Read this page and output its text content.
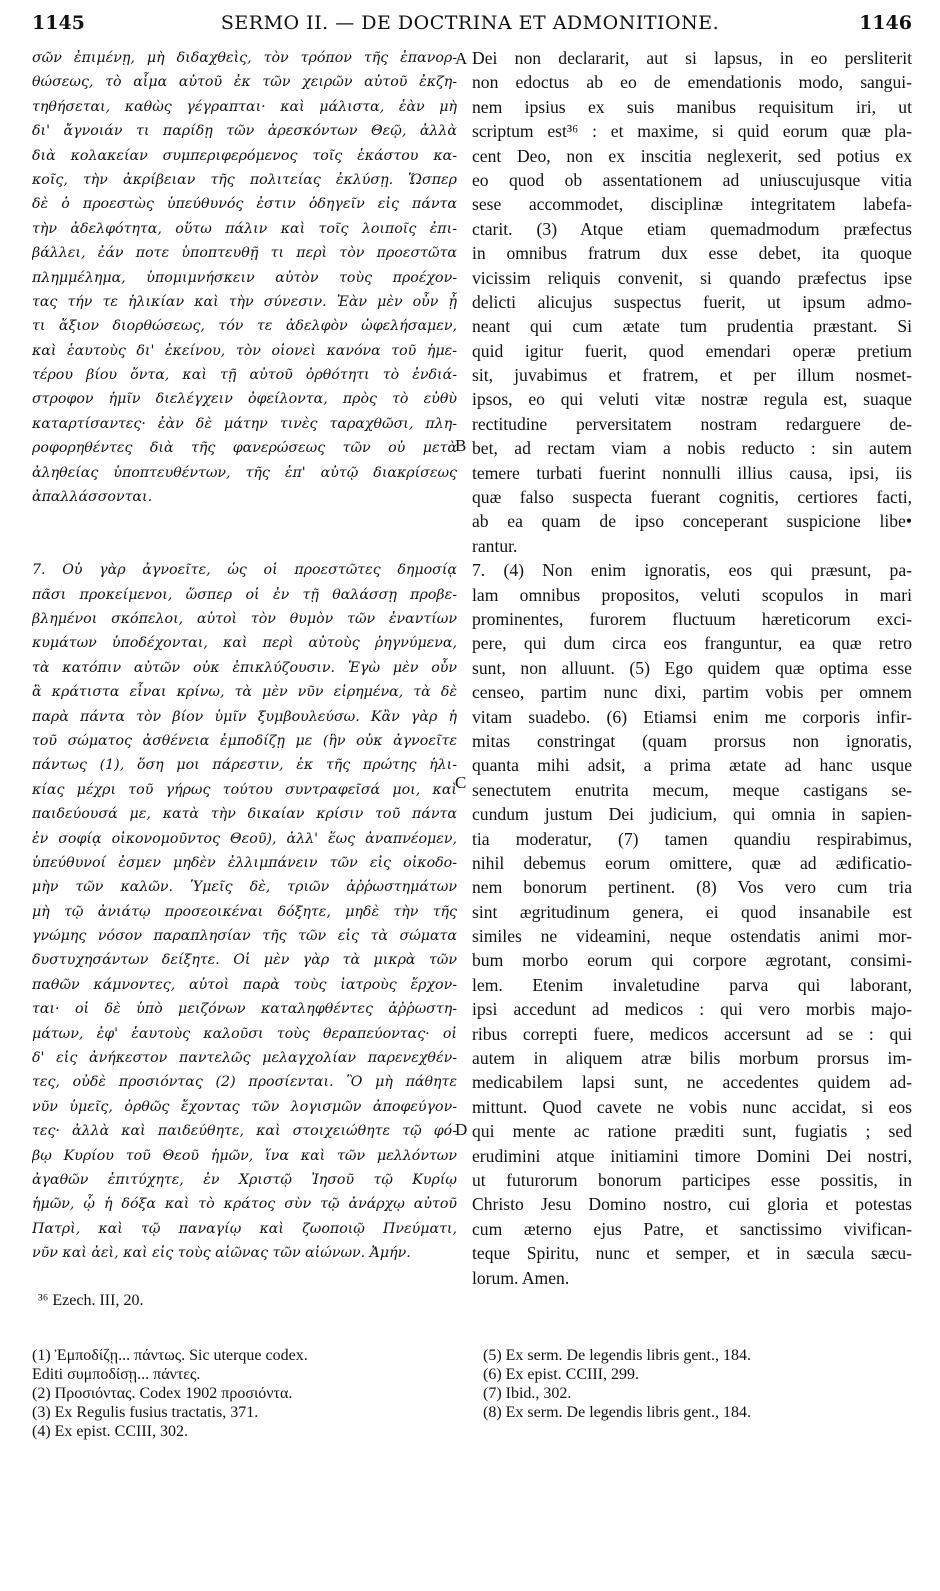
1145	SERMO II. — DE DOCTRINA ET ADMONITIONE.	1146
σῶν ἐπιμένῃ, μὴ διδαχθεὶς, τὸν τρόπον τῆς ἐπανορ-
θώσεως, τὸ αἷμα αὐτοῦ ἐκ τῶν χειρῶν αὐτοῦ ἐκζη-
τηθήσεται, καθὼς γέγραπται· καὶ μάλιστα, ἐὰν μὴ
δι' ἄγνοιάν τι παρίδῃ τῶν ἀρεσκόντων Θεῷ, ἀλλὰ
διὰ κολακείαν συμπεριφερόμενος τοῖς ἑκάστου κα-
κοῖς, τὴν ἀκρίβειαν τῆς πολιτείας ἐκλύσῃ. Ὥσπερ
δὲ ὁ προεστὼς ὑπεύθυνός ἐστιν ὁδηγεῖν εἰς πάντα
τὴν ἀδελφότητα, οὕτω πάλιν καὶ τοῖς λοιποῖς ἐπι-
βάλλει, ἐάν ποτε ὑποπτευθῇ τι περὶ τὸν προεστῶτα
πλημμέλημα, ὑπομιμνήσκειν αὐτὸν τοὺς προέχον-
τας τήν τε ἡλικίαν καὶ τὴν σύνεσιν. Ἐὰν μὲν οὖν ᾖ
τι ἄξιον διορθώσεως, τόν τε ἀδελφὸν ὠφελήσαμεν,
καὶ ἑαυτοὺς δι' ἐκείνου, τὸν οἱονεὶ κανόνα τοῦ ἡμε-
τέρου βίου ὄντα, καὶ τῇ αὐτοῦ ὀρθότητι τὸ ἐνδιά-
στροφον ἡμῖν διελέγχειν ὀφείλοντα, πρὸς τὸ εὐθὺ
καταρτίσαντες· ἐὰν δὲ μάτην τινὲς ταραχθῶσι, πλη-
ροφορηθέντες διὰ τῆς φανερώσεως τῶν οὐ μετὰ
ἀληθείας ὑποπτευθέντων, τῆς ἐπ' αὐτῷ διακρίσεως
ἀπαλλάσσονται.
7. Οὐ γὰρ ἀγνοεῖτε, ὡς οἱ προεστῶτες δημοσίᾳ
πᾶσι προκείμενοι, ὥσπερ οἱ ἐν τῇ θαλάσσῃ προβε-
βλημένοι σκόπελοι, αὐτοὶ τὸν θυμὸν τῶν ἐναντίων
κυμάτων ὑποδέχονται, καὶ περὶ αὐτοὺς ῥηγνύμενα,
τὰ κατόπιν αὐτῶν οὐκ ἐπικλύζουσιν. Ἐγὼ μὲν οὖν
ἃ κράτιστα εἶναι κρίνω, τὰ μὲν νῦν εἰρημένα, τὰ δὲ
παρὰ πάντα τὸν βίον ὑμῖν ξυμβουλεύσω. Κἂν γὰρ ἡ
τοῦ σώματος ἀσθένεια ἐμποδίζῃ με (ἣν οὐκ ἀγνοεῖτε
πάντως (1), ὅση μοι πάρεστιν, ἐκ τῆς πρώτης ἡλι-
κίας μέχρι τοῦ γήρως τούτου συντραφεῖσά μοι, καὶ
παιδεύουσά με, κατὰ τὴν δικαίαν κρίσιν τοῦ πάντα
ἐν σοφίᾳ οἰκονομοῦντος Θεοῦ), ἀλλ' ἕως ἀναπνέομεν,
ὑπεύθυνοί ἐσμεν μηδὲν ἐλλιμπάνειν τῶν εἰς οἰκοδο-
μὴν τῶν καλῶν. Ὑμεῖς δὲ, τριῶν ἀῤῥωστημάτων
μὴ τῷ ἀνιάτῳ προσεοικέναι δόξητε, μηδὲ τὴν τῆς
γνώμης νόσον παραπλησίαν τῆς τῶν εἰς τὰ σώματα
δυστυχησάντων δείξητε. Οἱ μὲν γὰρ τὰ μικρὰ τῶν
παθῶν κάμνοντες, αὐτοὶ παρὰ τοὺς ἰατροὺς ἔρχον-
ται· οἱ δὲ ὑπὸ μειζόνων καταληφθέντες ἀῤῥωστη-
μάτων, ἐφ' ἑαυτοὺς καλοῦσι τοὺς θεραπεύοντας· οἱ
δ' εἰς ἀνήκεστον παντελῶς μελαγχολίαν παρενεχθέν-
τες, οὐδὲ προσιόντας (2) προσίενται. Ὃ μὴ πάθητε
νῦν ὑμεῖς, ὀρθῶς ἔχοντας τῶν λογισμῶν ἀποφεύγον-
τες· ἀλλὰ καὶ παιδεύθητε, καὶ στοιχειώθητε τῷ φό-
βῳ Κυρίου τοῦ Θεοῦ ἡμῶν, ἵνα καὶ τῶν μελλόντων
ἀγαθῶν ἐπιτύχητε, ἐν Χριστῷ Ἰησοῦ τῷ Κυρίῳ
ἡμῶν, ᾧ ἡ δόξα καὶ τὸ κράτος σὺν τῷ ἀνάρχῳ αὐτοῦ
Πατρὶ, καὶ τῷ παναγίῳ καὶ ζωοποιῷ Πνεύματι,
νῦν καὶ ἀεὶ, καὶ εἰς τοὺς αἰῶνας τῶν αἰώνων. Ἀμήν.
Dei non declararit, aut si lapsus, in eo persliterit
non edoctus ab eo de emendationis modo, sangui-
nem ipsius ex suis manibus requisitum iri, ut
scriptum est³⁶ : et maxime, si quid eorum quæ pla-
cent Deo, non ex inscitia neglexerit, sed potius ex
eo quod ob assentationem ad uniuscujusque vitia
sese accommodet, disciplinæ integritatem labefa-
ctarit. (3) Atque etiam quemadmodum præfectus
in omnibus fratrum dux esse debet, ita quoque
vicissim reliquis convenit, si quando præfectus ipse
delicti alicujus suspectus fuerit, ut ipsum admo-
neant qui cum ætate tum prudentia præstant. Si
quid igitur fuerit, quod emendari operæ pretium
sit, juvabimus et fratrem, et per illum nosmet-
ipsos, eo qui veluti vitæ nostræ regula est, suaque
rectitudine perversitatem nostram redarguere de-
bet, ad rectam viam a nobis reducto : sin autem
temere turbati fuerint nonnulli illius causa, ipsi, iis
quæ falso suspecta fuerant cognitis, certiores facti,
ab ea quam de ipso conceperant suspicione libe•
rantur.
7. (4) Non enim ignoratis, eos qui præsunt, pa-
lam omnibus propositos, veluti scopulos in mari
prominentes, furorem fluctuum hæreticorum exci-
pere, qui dum circa eos franguntur, ea quæ retro
sunt, non alluunt. (5) Ego quidem quæ optima esse
censeo, partim nunc dixi, partim vobis per omnem
vitam suadebo. (6) Etiamsi enim me corporis infir-
mitas constringat (quam prorsus non ignoratis,
quanta mihi adsit, a prima ætate ad hanc usque
senectutem enutrita mecum, meque castigans se-
cundum justum Dei judicium, qui omnia in sapien-
tia moderatur, (7) tamen quandiu respirabimus,
nihil debemus eorum omittere, quæ ad ædificatio-
nem bonorum pertinent. (8) Vos vero cum tria
sint ægritudinum genera, ei quod insanabile est
similes ne videamini, neque ostendatis animi mor-
bum morbo eorum qui corpore ægrotant, consimi-
lem. Etenim invaletudine parva qui laborant,
ipsi accedunt ad medicos : qui vero morbis majo-
ribus correpti fuere, medicos accersunt ad se : qui
autem in aliquem atræ bilis morbum prorsus im-
medicabilem lapsi sunt, ne accedentes quidem ad-
mittunt. Quod cavete ne vobis nunc accidat, si eos
qui mente ac ratione præditi sunt, fugiatis ; sed
erudimini atque initiamini timore Domini Dei nostri,
ut futurorum bonorum participes esse possitis, in
Christo Jesu Domino nostro, cui gloria et potestas
cum æterno ejus Patre, et sanctissimo vivifican-
teque Spiritu, nunc et semper, et in sæcula sæcu-
lorum. Amen.
A
B
C
D
³⁶ Ezech. III, 20.
(1) Ἐμποδίζῃ... πάντως. Sic uterque codex.
Editi συμποδίσῃ... πάντες.
(2) Προσιόντας. Codex 1902 προσιόντα.
(3) Ex Regulis fusius tractatis, 371.
(4) Ex epist. CCIII, 302.
(5) Ex serm. De legendis libris gent., 184.
(6) Ex epist. CCIII, 299.
(7) Ibid., 302.
(8) Ex serm. De legendis libris gent., 184.
